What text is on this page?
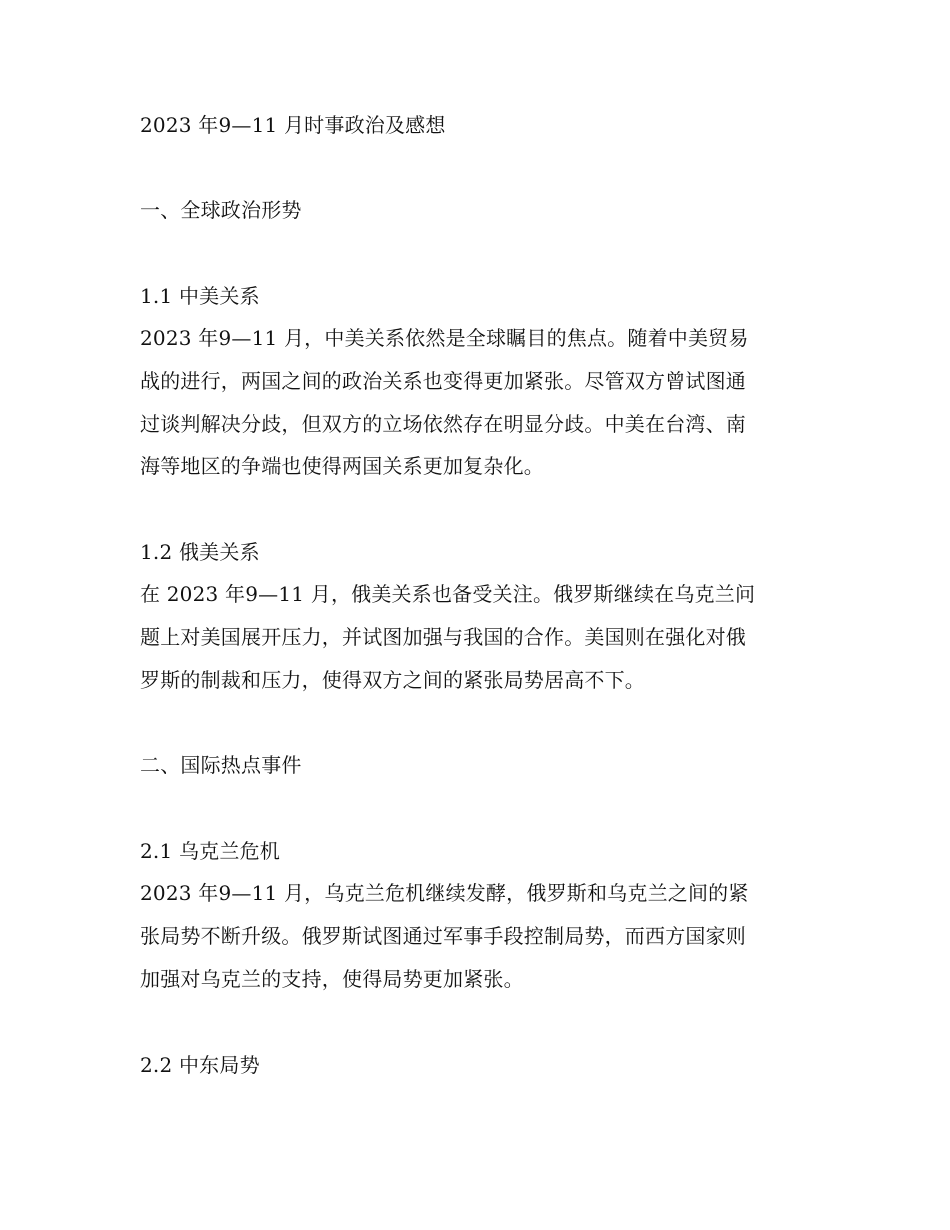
2023 年9—11 月时事政治及感想
一、全球政治形势
1.1 中美关系
2023 年9—11 月，中美关系依然是全球瞩目的焦点。随着中美贸易
战的进行，两国之间的政治关系也变得更加紧张。尽管双方曾试图通
过谈判解决分歧，但双方的立场依然存在明显分歧。中美在台湾、南
海等地区的争端也使得两国关系更加复杂化。
1.2 俄美关系
在 2023 年9—11 月，俄美关系也备受关注。俄罗斯继续在乌克兰问
题上对美国展开压力，并试图加强与我国的合作。美国则在强化对俄
罗斯的制裁和压力，使得双方之间的紧张局势居高不下。
二、国际热点事件
2.1 乌克兰危机
2023 年9—11 月，乌克兰危机继续发酵，俄罗斯和乌克兰之间的紧
张局势不断升级。俄罗斯试图通过军事手段控制局势，而西方国家则
加强对乌克兰的支持，使得局势更加紧张。
2.2 中东局势
